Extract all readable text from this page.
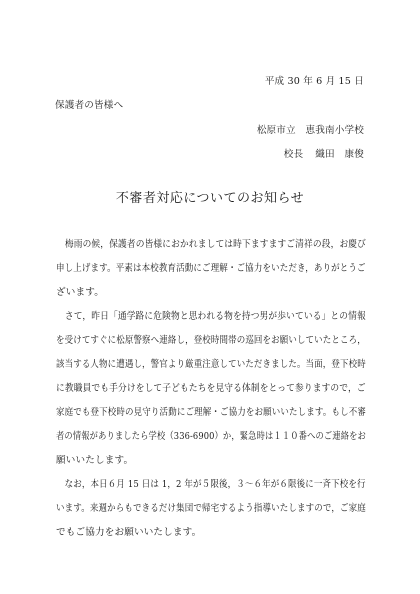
平成 30 年 6 月 15 日
保護者の皆様へ
松原市立　恵我南小学校
校長 織田　康俊
不審者対応についてのお知らせ
　梅雨の候，保護者の皆様におかれましては時下ますますご清祥の段，お慶び
申し上げます。平素は本校教育活動にご理解・ご協力をいただき，ありがとうご
ざいます。
　さて，昨日「通学路に危険物と思われる物を持つ男が歩いている」との情報
を受けてすぐに松原警察へ連絡し，登校時間帯の巡回をお願いしていたところ，
該当する人物に遭遇し，警官より厳重注意していただきました。当面，登下校時
に教職員でも手分けをして子どもたちを見守る体制をとって参りますので，ご
家庭でも登下校時の見守り活動にご理解・ご協力をお願いいたします。もし不審
者の情報がありましたら学校（336-6900）か，緊急時は１１０番へのご連絡をお
願いいたします。
　なお，本日６月 15 日は 1，2 年が５限後，３～６年が６限後に一斉下校を行
います。来週からもできるだけ集団で帰宅するよう指導いたしますので，ご家庭
でもご協力をお願いいたします。
